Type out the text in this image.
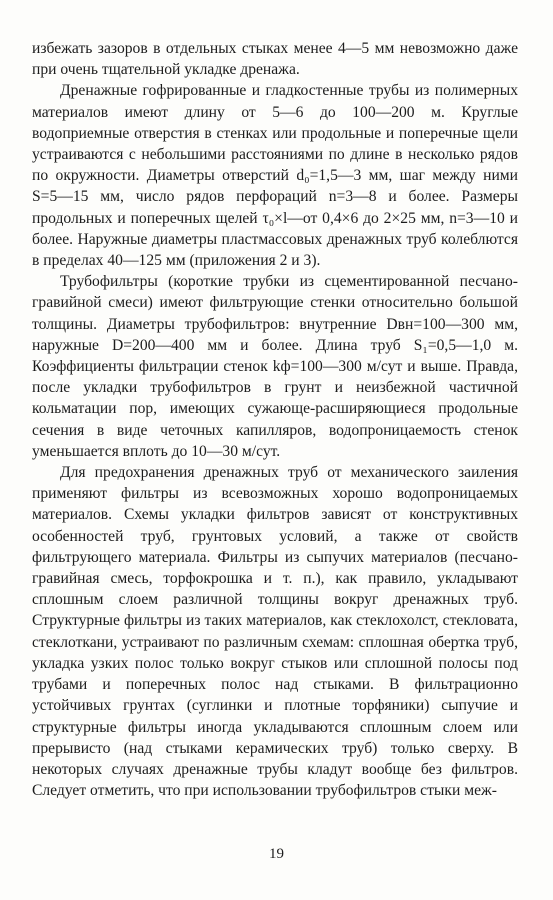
избежать зазоров в отдельных стыках менее 4—5 мм невозможно даже при очень тщательной укладке дренажа.

Дренажные гофрированные и гладкостенные трубы из полимерных материалов имеют длину от 5—6 до 100—200 м. Круглые водоприемные отверстия в стенках или продольные и поперечные щели устраиваются с небольшими расстояниями по длине в несколько рядов по окружности. Диаметры отверстий d₀=1,5—3 мм, шаг между ними S=5—15 мм, число рядов перфораций n=3—8 и более. Размеры продольных и поперечных щелей τ₀×l—от 0,4×6 до 2×25 мм, n=3—10 и более. Наружные диаметры пластмассовых дренажных труб колеблются в пределах 40—125 мм (приложения 2 и 3).

Трубофильтры (короткие трубки из сцементированной песчано-гравийной смеси) имеют фильтрующие стенки относительно большой толщины. Диаметры трубофильтров: внутренние Dвн=100—300 мм, наружные D=200—400 мм и более. Длина труб S₁=0,5—1,0 м. Коэффициенты фильтрации стенок kф=100—300 м/сут и выше. Правда, после укладки трубофильтров в грунт и неизбежной частичной кольматации пор, имеющих сужающе-расширяющиеся продольные сечения в виде четочных капилляров, водопроницаемость стенок уменьшается вплоть до 10—30 м/сут.

Для предохранения дренажных труб от механического заиления применяют фильтры из всевозможных хорошо водопроницаемых материалов. Схемы укладки фильтров зависят от конструктивных особенностей труб, грунтовых условий, а также от свойств фильтрующего материала. Фильтры из сыпучих материалов (песчано-гравийная смесь, торфокрошка и т. п.), как правило, укладывают сплошным слоем различной толщины вокруг дренажных труб. Структурные фильтры из таких материалов, как стеклохолст, стекловата, стеклоткани, устраивают по различным схемам: сплошная обертка труб, укладка узких полос только вокруг стыков или сплошной полосы под трубами и поперечных полос над стыками. В фильтрационно устойчивых грунтах (суглинки и плотные торфяники) сыпучие и структурные фильтры иногда укладываются сплошным слоем или прерывисто (над стыками керамических труб) только сверху. В некоторых случаях дренажные трубы кладут вообще без фильтров. Следует отметить, что при использовании трубофильтров стыки меж-

19
